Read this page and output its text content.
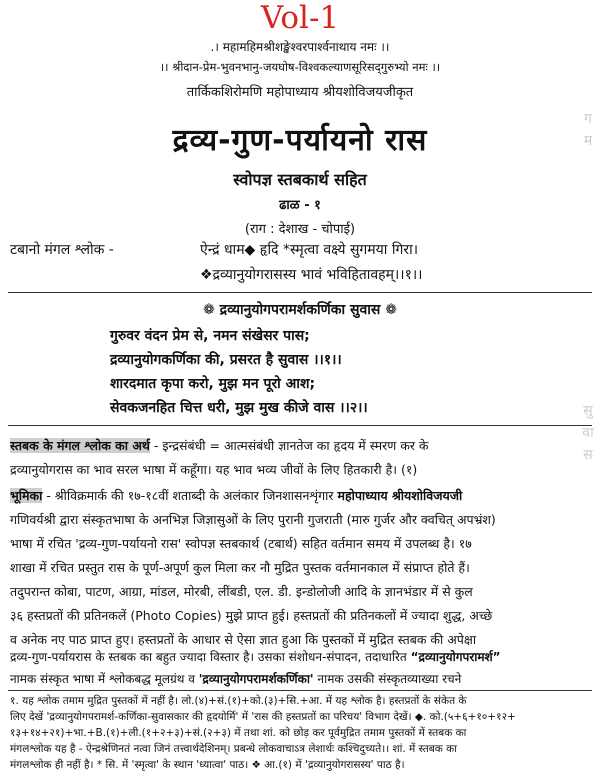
Vol-1
.। महामहिमश्रीशङ्खेश्वरपार्श्वनाथाय नमः ।।
।। श्रीदान-प्रेम-भुवनभानु-जयघोष-विश्वकल्याणसूरिसद्‍गुरुभ्यो नमः ।।
तार्किकशिरोमणि महोपाध्याय श्रीयशोविजयजीकृत
द्रव्य-गुण-पर्यायनो रास
स्वोपज्ञ स्तबकार्थ सहित
ढाळ - १
(राग : देशाख - चोपाई)
टबानो मंगल श्लोक -	ऐन्द्रं धाम◆ हृदि *स्मृत्वा वक्ष्ये सुगमया गिरा।
❖द्रव्यानुयोगरासस्य भावं भविहितावहम्।।१।।
❁ द्रव्यानुयोगपरामर्शकर्णिका सुवास ❁
गुरुवर वंदन प्रेम से, नमन संखेसर पास;
द्रव्यानुयोगकर्णिका की, प्रसरत है सुवास ।।१।।
शारदमात कृपा करो, मुझ मन पूरो आश;
सेवकजनहित चित्त धरी, मुझ मुख कीजे वास ।।२।।
स्तबक के मंगल श्लोक का अर्थ - इन्द्रसंबंधी = आत्मसंबंधी ज्ञानतेज का हृदय में स्मरण कर के
द्रव्यानुयोगरास का भाव सरल भाषा में कहूँगा। यह भाव भव्य जीवों के लिए हितकारी है। (१)
भूमिका - श्रीविक्रमार्क की १७-१८वीं शताब्दी के अलंकार जिनशासनशृंगार महोपाध्याय श्रीयशोविजयजी
गणिवर्यश्री द्वारा संस्कृतभाषा के अनभिज्ञ जिज्ञासुओं के लिए पुरानी गुजराती (मारु गुर्जर और क्वचित् अपभ्रंश)
भाषा में रचित 'द्रव्य-गुण-पर्यायनो रास' स्वोपज्ञ स्तबकार्थ (टबार्थ) सहित वर्तमान समय में उपलब्ध है। १७
शाखा में रचित प्रस्तुत रास के पूर्ण-अपूर्ण कुल मिला कर नौ मुद्रित पुस्तक वर्तमानकाल में संप्राप्त होते हैं।
तदुपरान्त कोबा, पाटण, आग्रा, मांडल, मोरबी, लींबडी, एल. डी. इन्डोलोजी आदि के ज्ञानभंडार में से कुल
३६ हस्तप्रतों की प्रतिनकलें (Photo Copies) मुझे प्राप्त हुई। हस्तप्रतों की प्रतिनकलों में ज्यादा शुद्ध, अच्छे
व अनेक नए पाठ प्राप्त हुए। हस्तप्रतों के आधार से ऐसा ज्ञात हुआ कि पुस्तकों में मुद्रित स्तबक की अपेक्षा
द्रव्य-गुण-पर्यायरास के स्तबक का बहुत ज्यादा विस्तार है। उसका संशोधन-संपादन, तदाधारित “द्रव्यानुयोगपरामर्श”
नामक संस्कृत भाषा में श्लोकबद्ध मूलग्रंथ व 'द्रव्यानुयोगपरामर्शकर्णिका' नामक उसकी संस्कृतव्याख्या रचने
१. यह श्लोक तमाम मुद्रित पुस्तकों में नहीं है। लो.(४)+सं.(१)+को.(३)+सि.+आ. में यह श्लोक है। हस्तप्रतों के संकेत के
लिए देखें 'द्रव्यानुयोगपरामर्श-कर्णिका-सुवासकार की हृदयोर्मि' में 'रास की हस्तप्रतों का परिचय' विभाग देखें। ◆. को.(५+६+१०+१२+
१३+१४+२१)+भा.+B.(१)+ली.(१+२+३)+सं.(२+३) में तथा शां. को छोड़ कर पूर्वमुद्रित तमाम पुस्तकों में स्तबक का
मंगलश्लोक यह है - ऐन्द्रश्रेणिनतं नत्वा जिनं तत्त्वार्थदेशिनम्। प्रबन्धे लोकवाचाऽत्र लेशार्थः कश्चिदुच्यते।। शां. में स्तबक का
मंगलश्लोक ही नहीं है। * सि. में 'स्मृत्वा' के स्थान 'ध्यात्वा' पाठ। ❖ आ.(१) में 'द्रव्यानुयोगरासस्य' पाठ है।
ग
म
सु
वा
स
